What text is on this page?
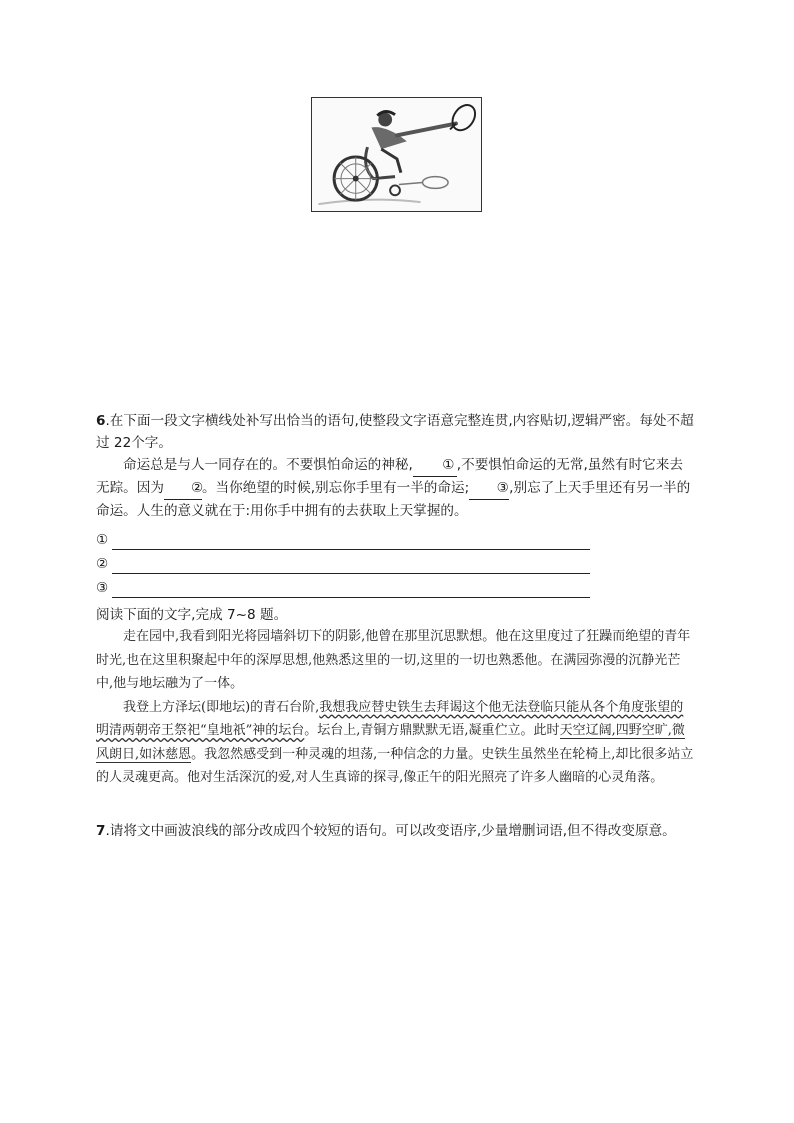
6.在下面一段文字横线处补写出恰当的语句,使整段文字语意完整连贯,内容贴切,逻辑严密。每处不超过 22个字。
命运总是与人一同存在的。不要惧怕命运的神秘, ① ,不要惧怕命运的无常,虽然有时它来去无踪。因为 ②。当你绝望的时候,别忘你手里有一半的命运; ③,别忘了上天手里还有另一半的命运。人生的意义就在于:用你手中拥有的去获取上天掌握的。
①
②
③
阅读下面的文字,完成 7~8 题。

走在园中,我看到阳光将园墙斜切下的阴影,他曾在那里沉思默想。他在这里度过了狂躁而绝望的青年时光,也在这里积聚起中年的深厚思想,他熟悉这里的一切,这里的一切也熟悉他。在满园弥漫的沉静光芒中,他与地坛融为了一体。

我登上方泽坛(即地坛)的青石台阶,我想我应替史铁生去拜谒这个他无法登临只能从各个角度张望的明清两朝帝王祭祀“皇地祇”神的坛台。坛台上,青铜方鼎默默无语,凝重伫立。此时天空辽阔,四野空旷,微风朗日,如沐慈恩。我忽然感受到一种灵魂的坦荡,一种信念的力量。史铁生虽然坐在轮椅上,却比很多站立的人灵魂更高。他对生活深沉的爱,对人生真谛的探寻,像正午的阳光照亮了许多人幽暗的心灵角落。

7.请将文中画波浪线的部分改成四个较短的语句。可以改变语序,少量增删词语,但不得改变原意。
